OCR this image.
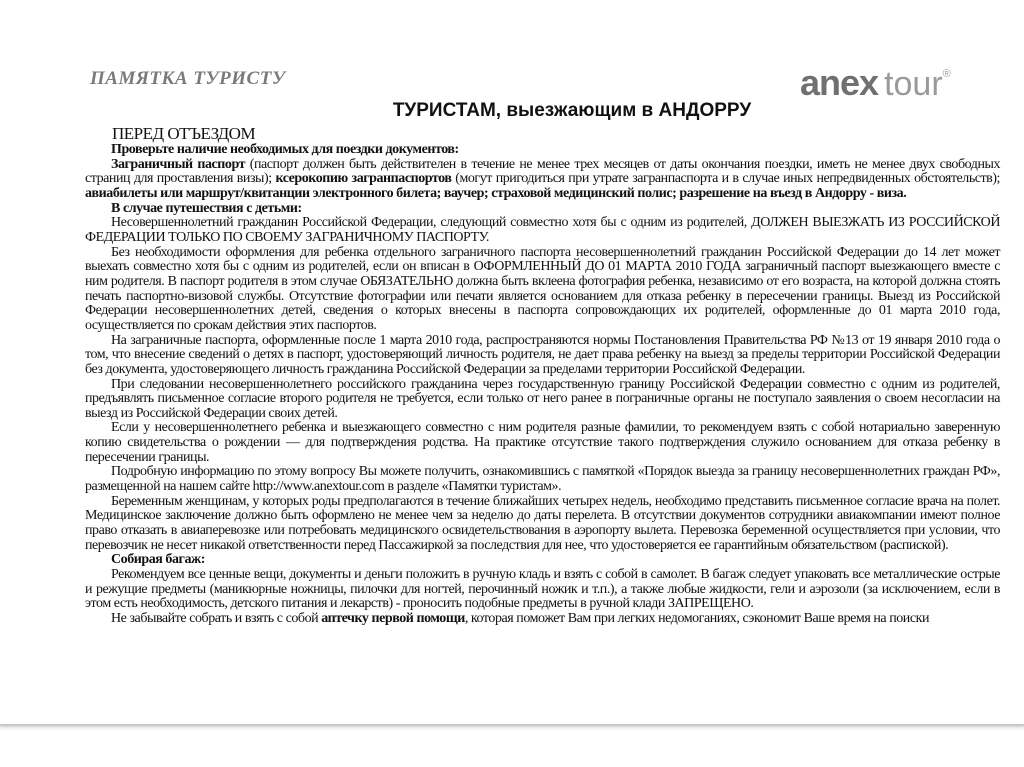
ПАМЯТКА ТУРИСТУ	anex tour®
ТУРИСТАМ, выезжающим в АНДОРРУ
ПЕРЕД ОТЪЕЗДОМ

Проверьте наличие необходимых для поездки документов:

Заграничный паспорт (паспорт должен быть действителен в течение не менее трех месяцев от даты окончания поездки, иметь не менее двух свободных страниц для проставления визы); ксерокопию загранпаспортов (могут пригодиться при утрате загранпаспорта и в случае иных непредвиденных обстоятельств); авиабилеты или маршрут/квитанции электронного билета; ваучер; страховой медицинский полис; разрешение на въезд в Андорру - виза.

В случае путешествия с детьми:

Несовершеннолетний гражданин Российской Федерации, следующий совместно хотя бы с одним из родителей, ДОЛЖЕН ВЫЕЗЖАТЬ ИЗ РОССИЙСКОЙ ФЕДЕРАЦИИ ТОЛЬКО ПО СВОЕМУ ЗАГРАНИЧНОМУ ПАСПОРТУ.

Без необходимости оформления для ребенка отдельного заграничного паспорта несовершеннолетний гражданин Российской Федерации до 14 лет может выехать совместно хотя бы с одним из родителей, если он вписан в ОФОРМЛЕННЫЙ ДО 01 МАРТА 2010 ГОДА заграничный паспорт выезжающего вместе с ним родителя. В паспорт родителя в этом случае ОБЯЗАТЕЛЬНО должна быть вклеена фотография ребенка, независимо от его возраста, на которой должна стоять печать паспортно-визовой службы. Отсутствие фотографии или печати является основанием для отказа ребенку в пересечении границы. Выезд из Российской Федерации несовершеннолетних детей, сведения о которых внесены в паспорта сопровождающих их родителей, оформленные до 01 марта 2010 года, осуществляется по срокам действия этих паспортов.

На заграничные паспорта, оформленные после 1 марта 2010 года, распространяются нормы Постановления Правительства РФ №13 от 19 января 2010 года о том, что внесение сведений о детях в паспорт, удостоверяющий личность родителя, не дает права ребенку на выезд за пределы территории Российской Федерации без документа, удостоверяющего личность гражданина Российской Федерации за пределами территории Российской Федерации.

При следовании несовершеннолетнего российского гражданина через государственную границу Российской Федерации совместно с одним из родителей, предъявлять письменное согласие второго родителя не требуется, если только от него ранее в пограничные органы не поступало заявления о своем несогласии на выезд из Российской Федерации своих детей.

Если у несовершеннолетнего ребенка и выезжающего совместно с ним родителя разные фамилии, то рекомендуем взять с собой нотариально заверенную копию свидетельства о рождении — для подтверждения родства. На практике отсутствие такого подтверждения служило основанием для отказа ребенку в пересечении границы.

Подробную информацию по этому вопросу Вы можете получить, ознакомившись с памяткой «Порядок выезда за границу несовершеннолетних граждан РФ», размещенной на нашем сайте http://www.anextour.com в разделе «Памятки туристам».

Беременным женщинам, у которых роды предполагаются в течение ближайших четырех недель, необходимо представить письменное согласие врача на полет. Медицинское заключение должно быть оформлено не менее чем за неделю до даты перелета. В отсутствии документов сотрудники авиакомпании имеют полное право отказать в авиаперевозке или потребовать медицинского освидетельствования в аэропорту вылета. Перевозка беременной осуществляется при условии, что перевозчик не несет никакой ответственности перед Пассажиркой за последствия для нее, что удостоверяется ее гарантийным обязательством (распиской).

Собирая багаж:

Рекомендуем все ценные вещи, документы и деньги положить в ручную кладь и взять с собой в самолет. В багаж следует упаковать все металлические острые и режущие предметы (маникюрные ножницы, пилочки для ногтей, перочинный ножик и т.п.), а также любые жидкости, гели и аэрозоли (за исключением, если в этом есть необходимость, детского питания и лекарств) - проносить подобные предметы в ручной клади ЗАПРЕЩЕНО.

Не забывайте собрать и взять с собой аптечку первой помощи, которая поможет Вам при легких недомоганиях, сэкономит Ваше время на поиски
